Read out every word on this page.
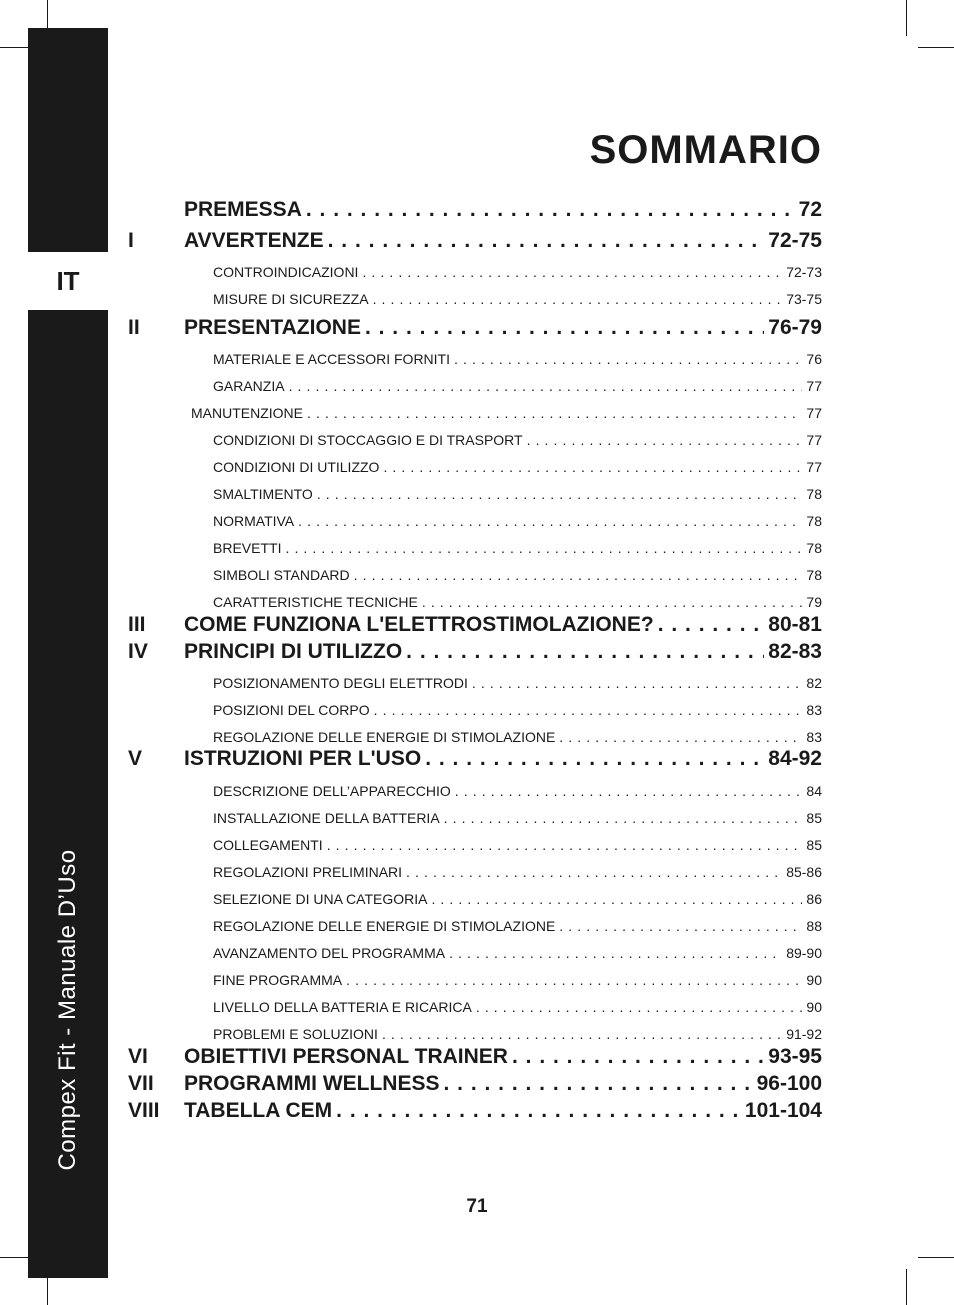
IT
Compex Fit - Manuale D’Uso
SOMMARIO
PREMESSA . . .	72
I AVVERTENZE . . .	72-75
CONTROINDICAZIONI . . .	72-73
MISURE DI SICUREZZA . . .	73-75
II PRESENTAZIONE . . .	76-79
MATERIALE E ACCESSORI FORNITI . . .	76
GARANZIA . . .	77
MANUTENZIONE . . .	77
CONDIZIONI DI STOCCAGGIO E DI TRASPORT . . .	77
CONDIZIONI DI UTILIZZO . . .	77
SMALTIMENTO . . .	78
NORMATIVA . . .	78
BREVETTI . . .	78
SIMBOLI STANDARD . . .	78
CARATTERISTICHE TECNICHE . . .	79
III COME FUNZIONA L'ELETTROSTIMOLAZIONE? . . .	80-81
IV PRINCIPI DI UTILIZZO . . .	82-83
POSIZIONAMENTO DEGLI ELETTRODI . . .	82
POSIZIONI DEL CORPO . . .	83
REGOLAZIONE DELLE ENERGIE DI STIMOLAZIONE . . .	83
V ISTRUZIONI PER L'USO . . .	84-92
DESCRIZIONE DELL’APPARECCHIO . . .	84
INSTALLAZIONE DELLA BATTERIA . . .	85
COLLEGAMENTI . . .	85
REGOLAZIONI PRELIMINARI . . .	85-86
SELEZIONE DI UNA CATEGORIA . . .	86
REGOLAZIONE DELLE ENERGIE DI STIMOLAZIONE . . .	88
AVANZAMENTO DEL PROGRAMMA . . .	89-90
FINE PROGRAMMA . . .	90
LIVELLO DELLA BATTERIA E RICARICA . . .	90
PROBLEMI E SOLUZIONI . . .	91-92
VI OBIETTIVI PERSONAL TRAINER . . .	93-95
VII PROGRAMMI WELLNESS . . .	96-100
VIII TABELLA CEM . . .	101-104
71
